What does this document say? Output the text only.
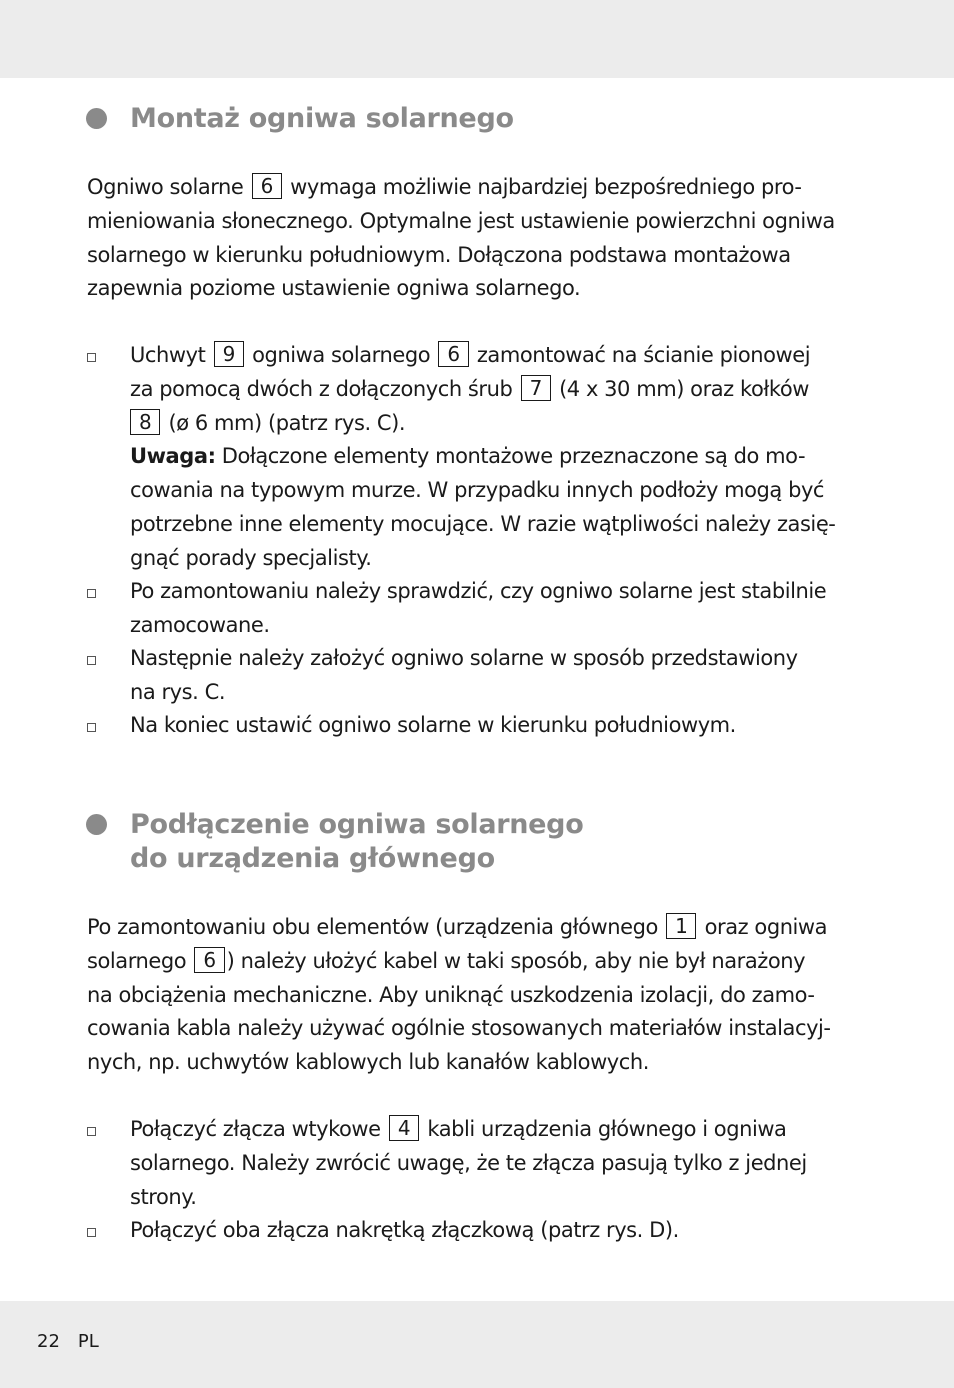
Montaż ogniwa solarnego
Ogniwo solarne 6 wymaga możliwie najbardziej bezpośredniego pro-
mieniowania słonecznego. Optymalne jest ustawienie powierzchni ogniwa
solarnego w kierunku południowym. Dołączona podstawa montażowa
zapewnia poziome ustawienie ogniwa solarnego.
Uchwyt 9 ogniwa solarnego 6 zamontować na ścianie pionowej
za pomocą dwóch z dołączonych śrub 7 (4 x 30 mm) oraz kołków
8 (ø 6 mm) (patrz rys. C).
Uwaga: Dołączone elementy montażowe przeznaczone są do mo-
cowania na typowym murze. W przypadku innych podłoży mogą być
potrzebne inne elementy mocujące. W razie wątpliwości należy zasię-
gnąć porady specjalisty.
Po zamontowaniu należy sprawdzić, czy ogniwo solarne jest stabilnie
zamocowane.
Następnie należy założyć ogniwo solarne w sposób przedstawiony
na rys. C.
Na koniec ustawić ogniwo solarne w kierunku południowym.
Podłączenie ogniwa solarnego
do urządzenia głównego
Po zamontowaniu obu elementów (urządzenia głównego 1 oraz ogniwa
solarnego 6 ) należy ułożyć kabel w taki sposób, aby nie był narażony
na obciążenia mechaniczne. Aby uniknąć uszkodzenia izolacji, do zamo-
cowania kabla należy używać ogólnie stosowanych materiałów instalacyj-
nych, np. uchwytów kablowych lub kanałów kablowych.
Połączyć złącza wtykowe 4 kabli urządzenia głównego i ogniwa
solarnego. Należy zwrócić uwagę, że te złącza pasują tylko z jednej
strony.
Połączyć oba złącza nakrętką złączkową (patrz rys. D).
22 PL
